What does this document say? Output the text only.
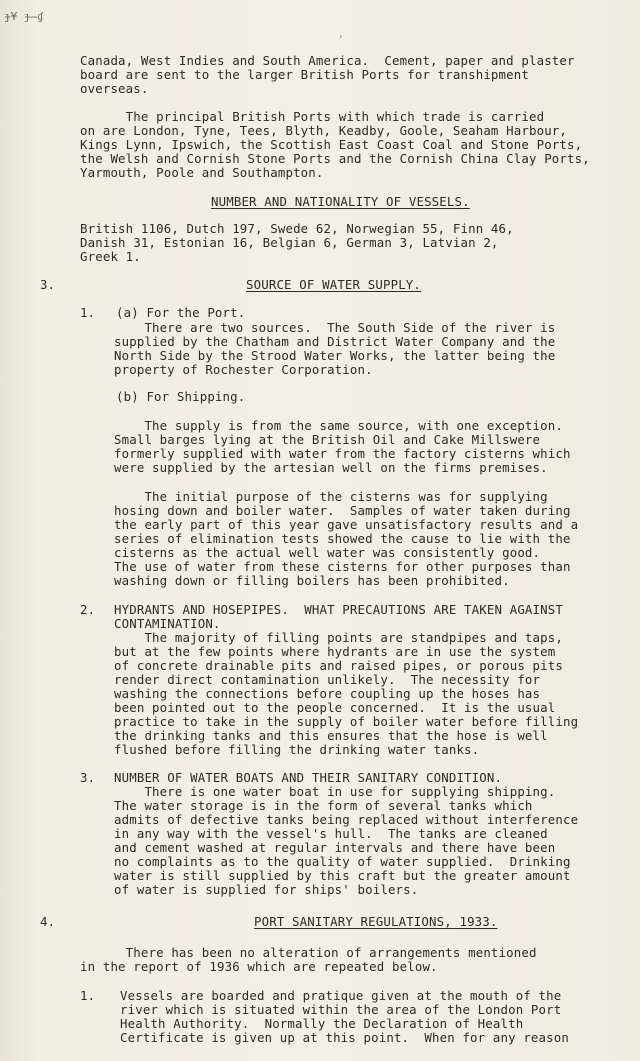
ɟ¥ ɟ̶ɠ
›
Canada, West Indies and South America.  Cement, paper and plaster
board are sent to the larger British Ports for transhipment
overseas.
The principal British Ports with which trade is carried
on are London, Tyne, Tees, Blyth, Keadby, Goole, Seaham Harbour,
Kings Lynn, Ipswich, the Scottish East Coast Coal and Stone Ports,
the Welsh and Cornish Stone Ports and the Cornish China Clay Ports,
Yarmouth, Poole and Southampton.
NUMBER AND NATIONALITY OF VESSELS.
British 1106, Dutch 197, Swede 62, Norwegian 55, Finn 46,
Danish 31, Estonian 16, Belgian 6, German 3, Latvian 2,
Greek 1.
3.	SOURCE OF WATER SUPPLY.
1. (a) For the Port.
There are two sources.  The South Side of the river is
supplied by the Chatham and District Water Company and the
North Side by the Strood Water Works, the latter being the
property of Rochester Corporation.
(b) For Shipping.
The supply is from the same source, with one exception.
Small barges lying at the British Oil and Cake Millswere
formerly supplied with water from the factory cisterns which
were supplied by the artesian well on the firms premises.
The initial purpose of the cisterns was for supplying
hosing down and boiler water.  Samples of water taken during
the early part of this year gave unsatisfactory results and a
series of elimination tests showed the cause to lie with the
cisterns as the actual well water was consistently good.
The use of water from these cisterns for other purposes than
washing down or filling boilers has been prohibited.
2. HYDRANTS AND HOSEPIPES.  WHAT PRECAUTIONS ARE TAKEN AGAINST
CONTAMINATION.
The majority of filling points are standpipes and taps,
but at the few points where hydrants are in use the system
of concrete drainable pits and raised pipes, or porous pits
render direct contamination unlikely.  The necessity for
washing the connections before coupling up the hoses has
been pointed out to the people concerned.  It is the usual
practice to take in the supply of boiler water before filling
the drinking tanks and this ensures that the hose is well
flushed before filling the drinking water tanks.
3. NUMBER OF WATER BOATS AND THEIR SANITARY CONDITION.
There is one water boat in use for supplying shipping.
The water storage is in the form of several tanks which
admits of defective tanks being replaced without interference
in any way with the vessel's hull.  The tanks are cleaned
and cement washed at regular intervals and there have been
no complaints as to the quality of water supplied.  Drinking
water is still supplied by this craft but the greater amount
of water is supplied for ships' boilers.
4.	PORT SANITARY REGULATIONS, 1933.
There has been no alteration of arrangements mentioned
in the report of 1936 which are repeated below.
1. Vessels are boarded and pratique given at the mouth of the
river which is situated within the area of the London Port
Health Authority.  Normally the Declaration of Health
Certificate is given up at this point.  When for any reason
